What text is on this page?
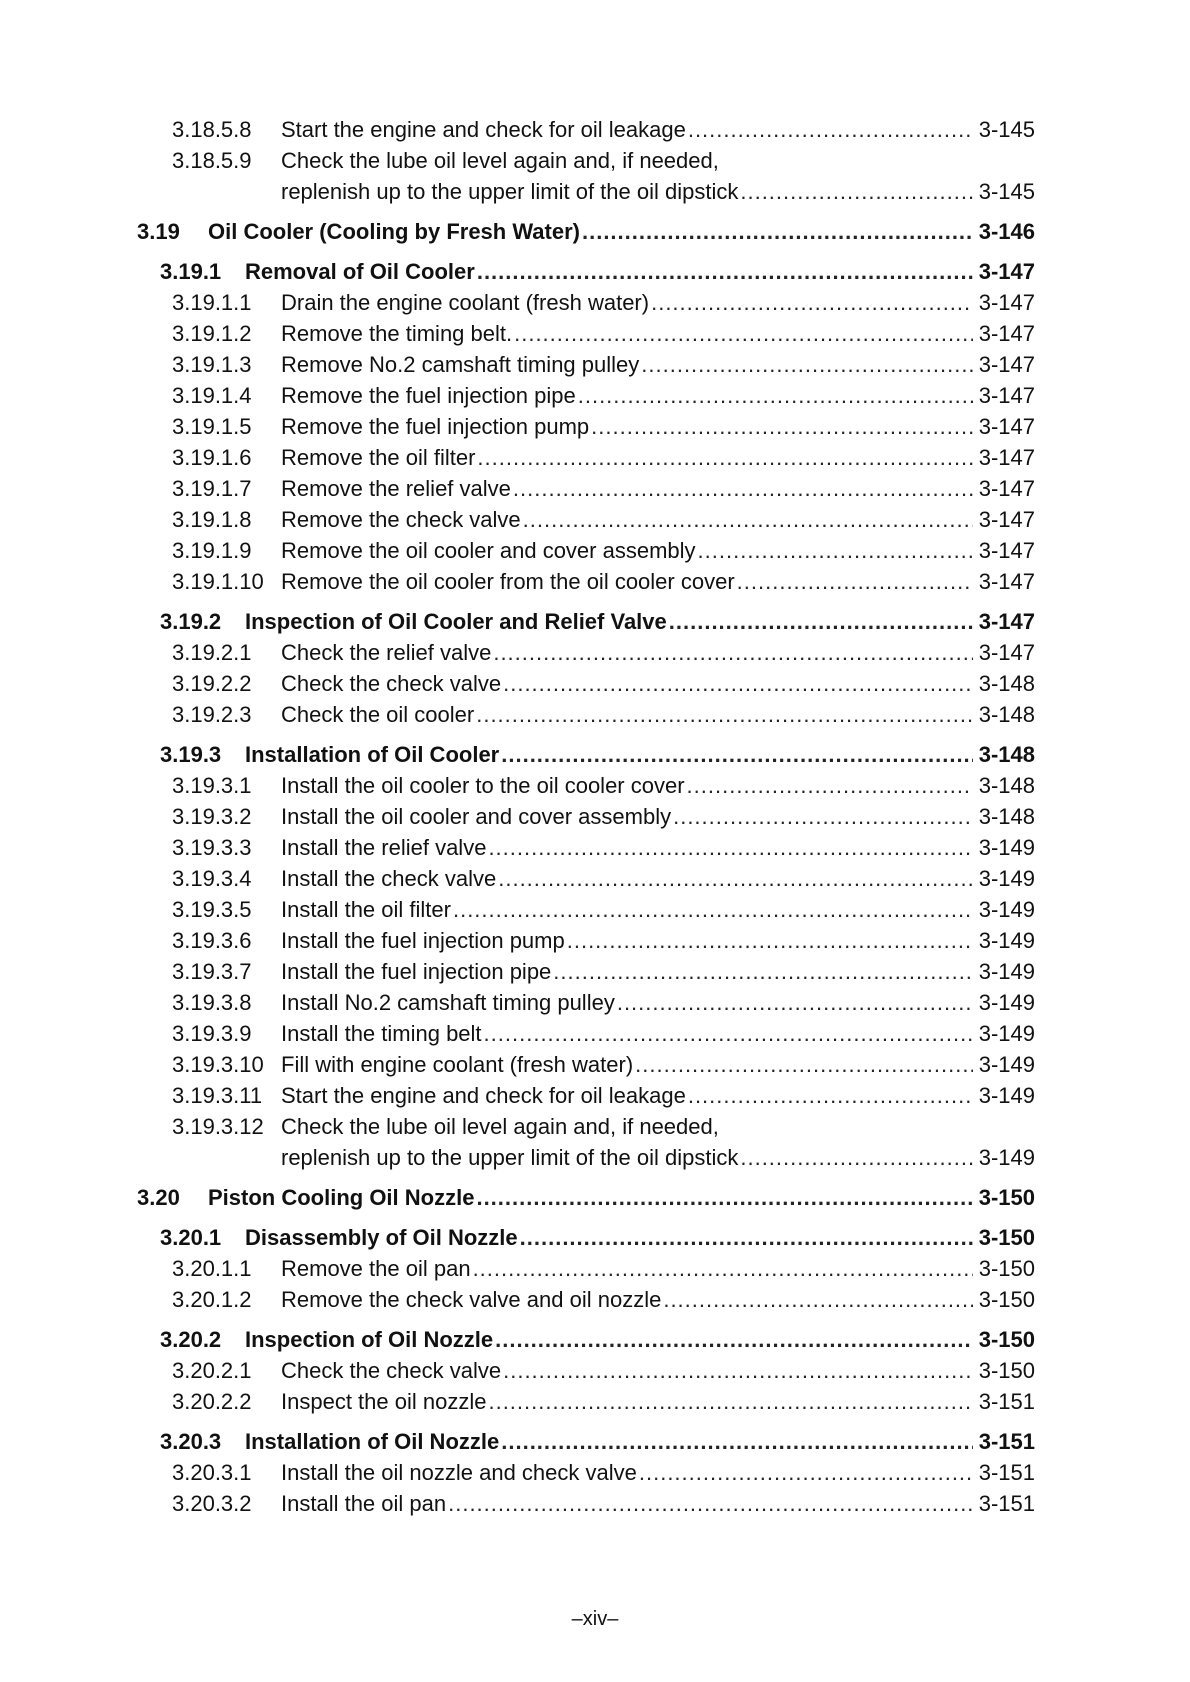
3.18.5.8 Start the engine and check for oil leakage .....	3-145
3.18.5.9 Check the lube oil level again and, if needed,
replenish up to the upper limit of the oil dipstick .....	3-145
3.19 Oil Cooler (Cooling by Fresh Water) .....	3-146
3.19.1 Removal of Oil Cooler .....	3-147
3.19.1.1 Drain the engine coolant (fresh water) .....	3-147
3.19.1.2 Remove the timing belt. .....	3-147
3.19.1.3 Remove No.2 camshaft timing pulley .....	3-147
3.19.1.4 Remove the fuel injection pipe .....	3-147
3.19.1.5 Remove the fuel injection pump .....	3-147
3.19.1.6 Remove the oil filter .....	3-147
3.19.1.7 Remove the relief valve .....	3-147
3.19.1.8 Remove the check valve .....	3-147
3.19.1.9 Remove the oil cooler and cover assembly .....	3-147
3.19.1.10 Remove the oil cooler from the oil cooler cover .....	3-147
3.19.2 Inspection of Oil Cooler and Relief Valve .....	3-147
3.19.2.1 Check the relief valve .....	3-147
3.19.2.2 Check the check valve .....	3-148
3.19.2.3 Check the oil cooler .....	3-148
3.19.3 Installation of Oil Cooler .....	3-148
3.19.3.1 Install the oil cooler to the oil cooler cover .....	3-148
3.19.3.2 Install the oil cooler and cover assembly .....	3-148
3.19.3.3 Install the relief valve .....	3-149
3.19.3.4 Install the check valve .....	3-149
3.19.3.5 Install the oil filter .....	3-149
3.19.3.6 Install the fuel injection pump .....	3-149
3.19.3.7 Install the fuel injection pipe .....	3-149
3.19.3.8 Install No.2 camshaft timing pulley .....	3-149
3.19.3.9 Install the timing belt .....	3-149
3.19.3.10 Fill with engine coolant (fresh water) .....	3-149
3.19.3.11 Start the engine and check for oil leakage .....	3-149
3.19.3.12 Check the lube oil level again and, if needed,
replenish up to the upper limit of the oil dipstick .....	3-149
3.20 Piston Cooling Oil Nozzle .....	3-150
3.20.1 Disassembly of Oil Nozzle .....	3-150
3.20.1.1 Remove the oil pan .....	3-150
3.20.1.2 Remove the check valve and oil nozzle .....	3-150
3.20.2 Inspection of Oil Nozzle .....	3-150
3.20.2.1 Check the check valve .....	3-150
3.20.2.2 Inspect the oil nozzle .....	3-151
3.20.3 Installation of Oil Nozzle .....	3-151
3.20.3.1 Install the oil nozzle and check valve .....	3-151
3.20.3.2 Install the oil pan .....	3-151
–xiv–
